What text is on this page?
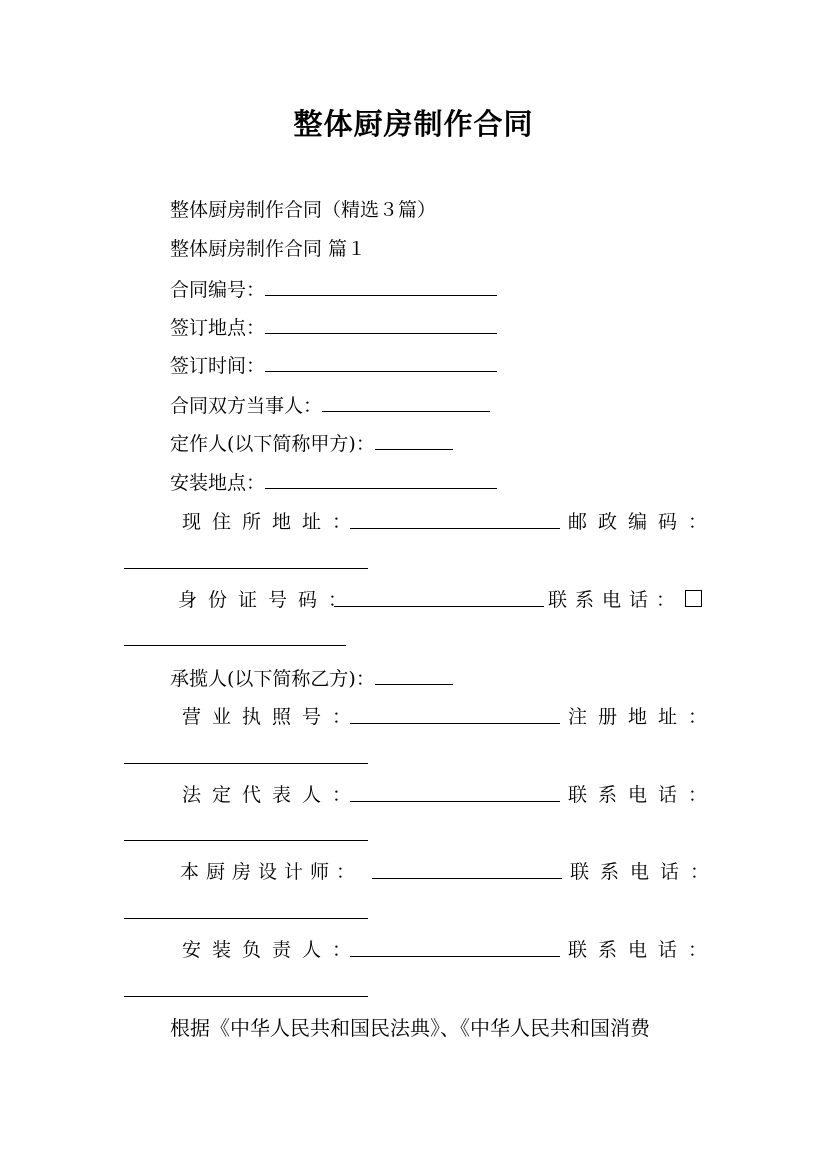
整体厨房制作合同
整体厨房制作合同（精选３篇）
整体厨房制作合同 篇１
合同编号：
签订地点：
签订时间：
合同双方当事人：
定作人(以下简称甲方)：
安装地点：
现住所地址：	邮政编码：
身份证号码：	联系电话：
承揽人(以下简称乙方)：
营业执照号：	注册地址：
法定代表人：	联系电话：
本厨房设计师：	联系电话：
安装负责人：	联系电话：
根据《中华人民共和国民法典》、《中华人民共和国消费
